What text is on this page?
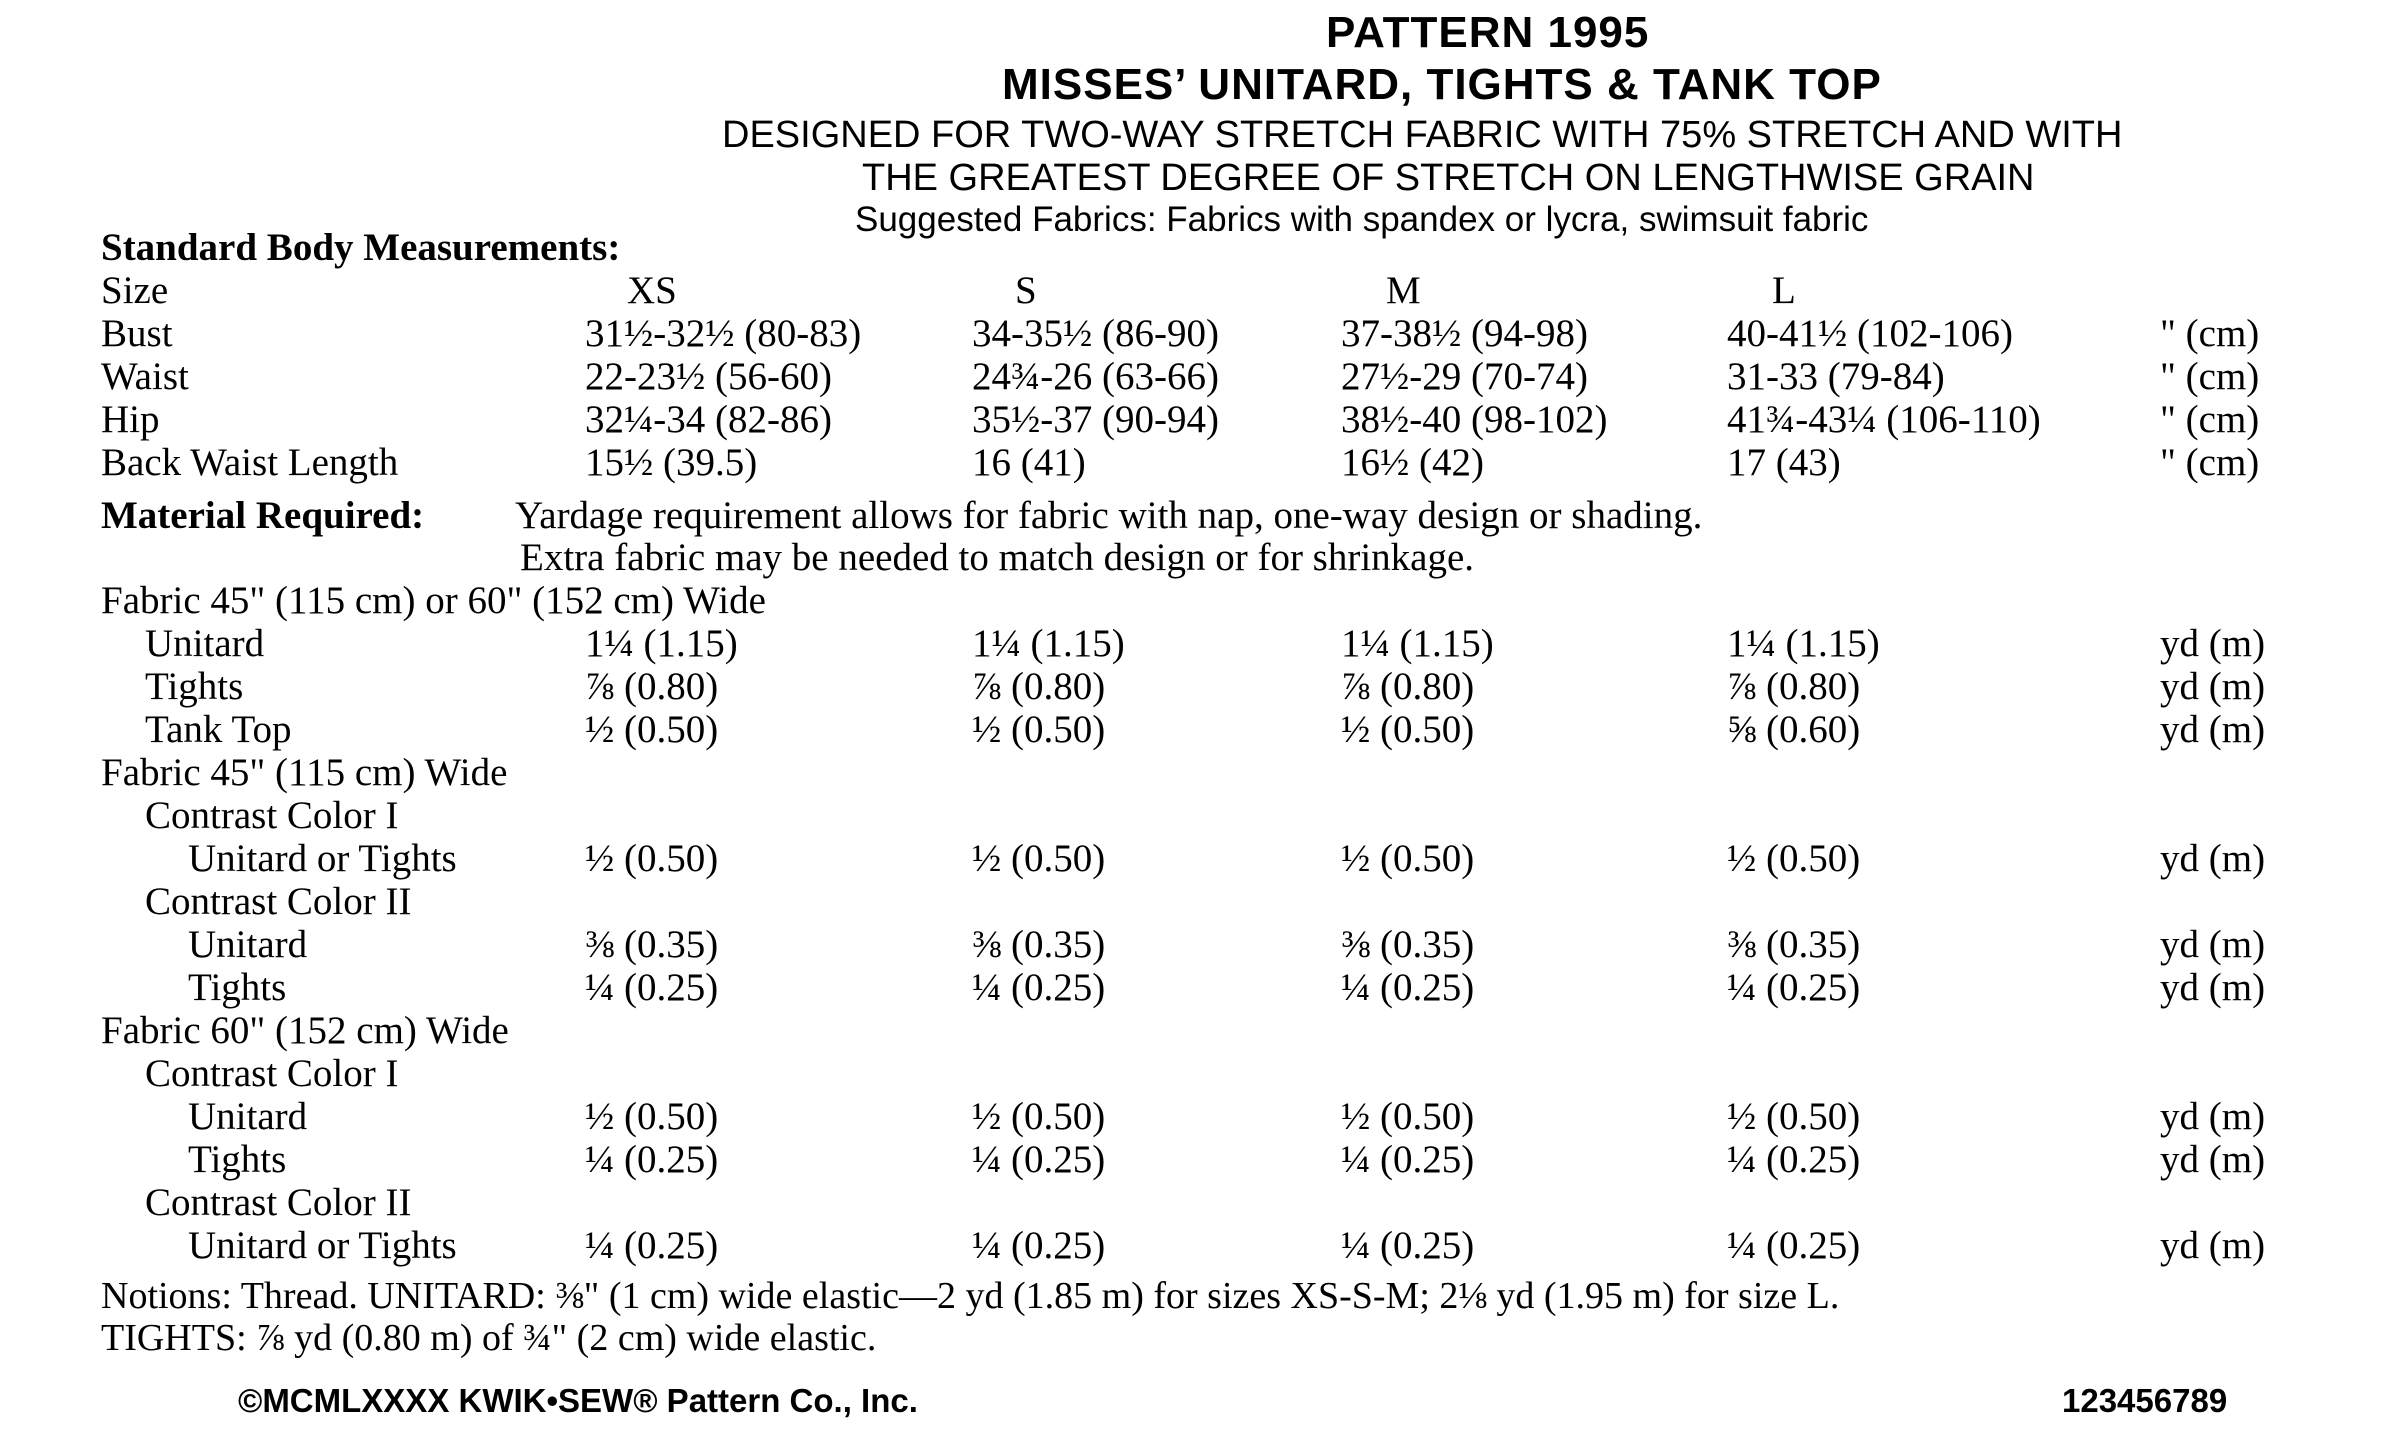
PATTERN 1995
MISSES’ UNITARD, TIGHTS & TANK TOP
DESIGNED FOR TWO-WAY STRETCH FABRIC WITH 75% STRETCH AND WITH
THE GREATEST DEGREE OF STRETCH ON LENGTHWISE GRAIN
Suggested Fabrics: Fabrics with spandex or lycra, swimsuit fabric
Standard Body Measurements:
Size	XS	S	M	L
Bust	31½-32½ (80-83)	34-35½ (86-90)	37-38½ (94-98)	40-41½ (102-106)	" (cm)
Waist	22-23½ (56-60)	24¾-26 (63-66)	27½-29 (70-74)	31-33 (79-84)	" (cm)
Hip	32¼-34 (82-86)	35½-37 (90-94)	38½-40 (98-102)	41¾-43¼ (106-110)	" (cm)
Back Waist Length	15½ (39.5)	16 (41)	16½ (42)	17 (43)	" (cm)
Material Required: Yardage requirement allows for fabric with nap, one-way design or shading.
Extra fabric may be needed to match design or for shrinkage.
Fabric 45" (115 cm) or 60" (152 cm) Wide
Unitard	1¼ (1.15)	1¼ (1.15)	1¼ (1.15)	1¼ (1.15)	yd (m)
Tights	⅞ (0.80)	⅞ (0.80)	⅞ (0.80)	⅞ (0.80)	yd (m)
Tank Top	½ (0.50)	½ (0.50)	½ (0.50)	⅝ (0.60)	yd (m)
Fabric 45" (115 cm) Wide
Contrast Color I
Unitard or Tights	½ (0.50)	½ (0.50)	½ (0.50)	½ (0.50)	yd (m)
Contrast Color II
Unitard	⅜ (0.35)	⅜ (0.35)	⅜ (0.35)	⅜ (0.35)	yd (m)
Tights	¼ (0.25)	¼ (0.25)	¼ (0.25)	¼ (0.25)	yd (m)
Fabric 60" (152 cm) Wide
Contrast Color I
Unitard	½ (0.50)	½ (0.50)	½ (0.50)	½ (0.50)	yd (m)
Tights	¼ (0.25)	¼ (0.25)	¼ (0.25)	¼ (0.25)	yd (m)
Contrast Color II
Unitard or Tights	¼ (0.25)	¼ (0.25)	¼ (0.25)	¼ (0.25)	yd (m)
Notions: Thread. UNITARD: ⅜" (1 cm) wide elastic—2 yd (1.85 m) for sizes XS-S-M; 2⅛ yd (1.95 m) for size L.
TIGHTS: ⅞ yd (0.80 m) of ¾" (2 cm) wide elastic.
©MCMLXXXX KWIK•SEW® Pattern Co., Inc.	123456789
